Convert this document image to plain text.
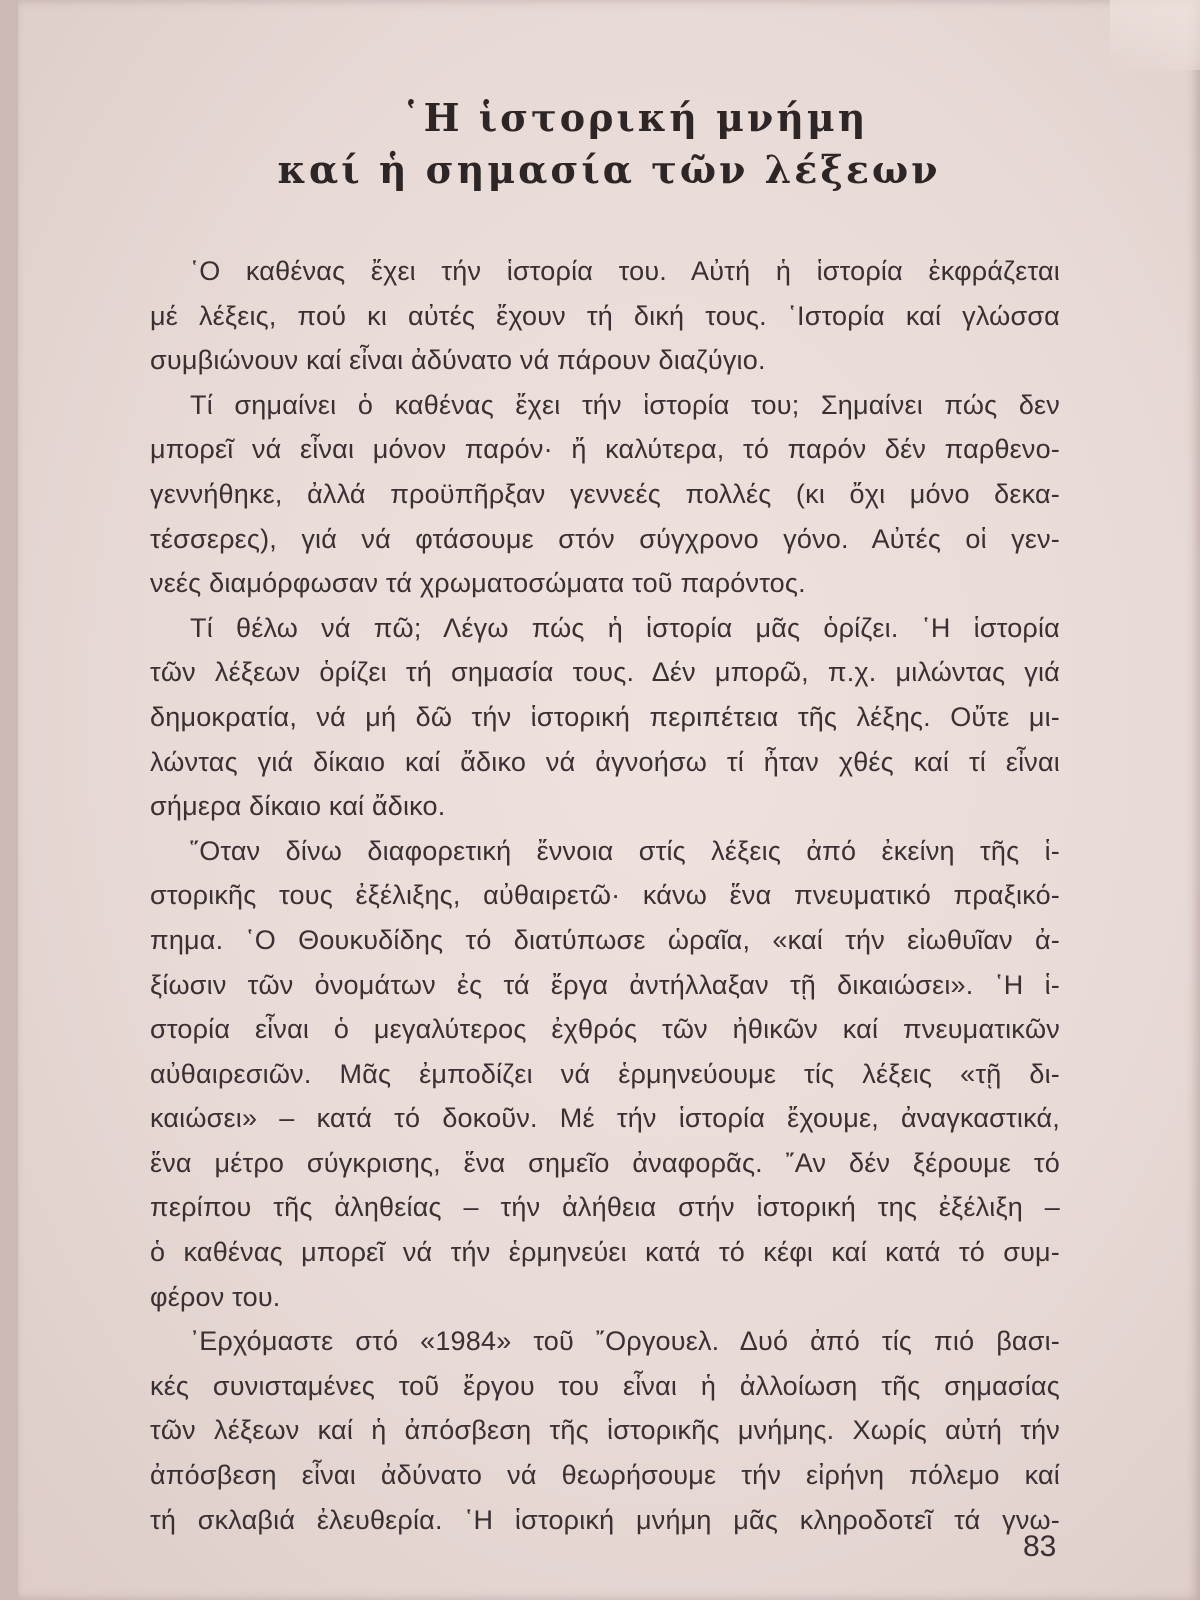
῾Η ἱστορική μνήμη
καί ἡ σημασία τῶν λέξεων
῾Ο καθένας ἔχει τήν ἱστορία του. Αὐτή ἡ ἱστορία ἐκφράζεται
μέ λέξεις, πού κι αὐτές ἔχουν τή δική τους. ῾Ιστορία καί γλώσσα
συμβιώνουν καί εἶναι ἀδύνατο νά πάρουν διαζύγιο.
Τί σημαίνει ὁ καθένας ἔχει τήν ἱστορία του; Σημαίνει πώς δεν
μπορεῖ νά εἶναι μόνον παρόν· ἤ καλύτερα, τό παρόν δέν παρθενο-
γεννήθηκε, ἀλλά προϋπῆρξαν γεννεές πολλές (κι ὄχι μόνο δεκα-
τέσσερες), γιά νά φτάσουμε στόν σύγχρονο γόνο. Αὐτές οἱ γεν-
νεές διαμόρφωσαν τά χρωματοσώματα τοῦ παρόντος.
Τί θέλω νά πῶ; Λέγω πώς ἡ ἱστορία μᾶς ὁρίζει. ῾Η ἱστορία
τῶν λέξεων ὁρίζει τή σημασία τους. Δέν μπορῶ, π.χ. μιλώντας γιά
δημοκρατία, νά μή δῶ τήν ἱστορική περιπέτεια τῆς λέξης. Οὔτε μι-
λώντας γιά δίκαιο καί ἄδικο νά ἀγνοήσω τί ἦταν χθές καί τί εἶναι
σήμερα δίκαιο καί ἄδικο.
῞Οταν δίνω διαφορετική ἔννοια στίς λέξεις ἀπό ἐκείνη τῆς ἱ-
στορικῆς τους ἐξέλιξης, αὐθαιρετῶ· κάνω ἕνα πνευματικό πραξικό-
πημα. ῾Ο Θουκυδίδης τό διατύπωσε ὡραῖα, «καί τήν εἰωθυῖαν ἀ-
ξίωσιν τῶν ὀνομάτων ἐς τά ἔργα ἀντήλλαξαν τῇ δικαιώσει». ῾Η ἱ-
στορία εἶναι ὁ μεγαλύτερος ἐχθρός τῶν ἠθικῶν καί πνευματικῶν
αὐθαιρεσιῶν. Μᾶς ἐμποδίζει νά ἑρμηνεύουμε τίς λέξεις «τῇ δι-
καιώσει» – κατά τό δοκοῦν. Μέ τήν ἱστορία ἔχουμε, ἀναγκαστικά,
ἕνα μέτρο σύγκρισης, ἕνα σημεῖο ἀναφορᾶς. ῎Αν δέν ξέρουμε τό
περίπου τῆς ἀληθείας – τήν ἀλήθεια στήν ἱστορική της ἐξέλιξη –
ὁ καθένας μπορεῖ νά τήν ἑρμηνεύει κατά τό κέφι καί κατά τό συμ-
φέρον του.
᾿Ερχόμαστε στό «1984» τοῦ ῎Οργουελ. Δυό ἀπό τίς πιό βασι-
κές συνισταμένες τοῦ ἔργου του εἶναι ἡ ἀλλοίωση τῆς σημασίας
τῶν λέξεων καί ἡ ἀπόσβεση τῆς ἱστορικῆς μνήμης. Χωρίς αὐτή τήν
ἀπόσβεση εἶναι ἀδύνατο νά θεωρήσουμε τήν εἰρήνη πόλεμο καί
τή σκλαβιά ἐλευθερία. ῾Η ἱστορική μνήμη μᾶς κληροδοτεῖ τά γνω-
83
